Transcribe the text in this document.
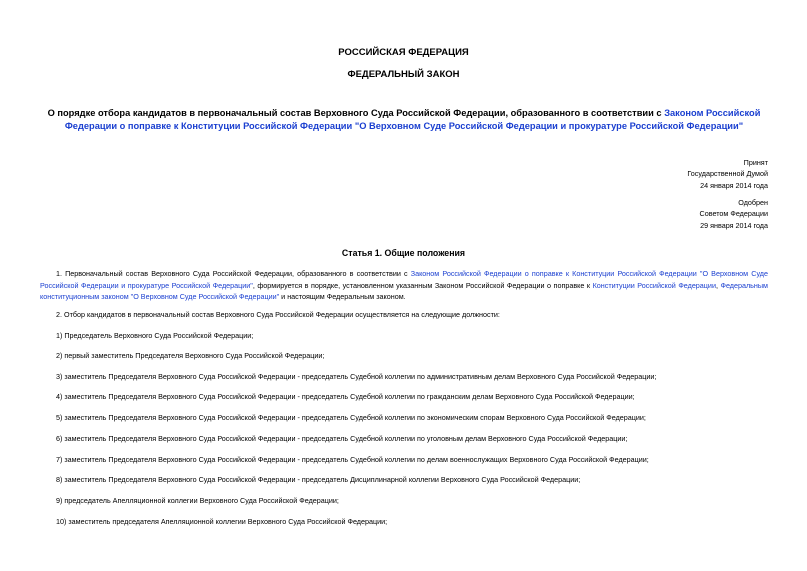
РОССИЙСКАЯ ФЕДЕРАЦИЯ
ФЕДЕРАЛЬНЫЙ ЗАКОН
О порядке отбора кандидатов в первоначальный состав Верховного Суда Российской Федерации, образованного в соответствии с Законом Российской Федерации о поправке к Конституции Российской Федерации "О Верховном Суде Российской Федерации и прокуратуре Российской Федерации"
Принят
Государственной Думой
24 января 2014 года
Одобрен
Советом Федерации
29 января 2014 года
Статья 1. Общие положения
1. Первоначальный состав Верховного Суда Российской Федерации, образованного в соответствии с Законом Российской Федерации о поправке к Конституции Российской Федерации "О Верховном Суде Российской Федерации и прокуратуре Российской Федерации", формируется в порядке, установленном указанным Законом Российской Федерации о поправке к Конституции Российской Федерации, Федеральным конституционным законом "О Верховном Суде Российской Федерации" и настоящим Федеральным законом.
2. Отбор кандидатов в первоначальный состав Верховного Суда Российской Федерации осуществляется на следующие должности:
1) Председатель Верховного Суда Российской Федерации;
2) первый заместитель Председателя Верховного Суда Российской Федерации;
3) заместитель Председателя Верховного Суда Российской Федерации - председатель Судебной коллегии по административным делам Верховного Суда Российской Федерации;
4) заместитель Председателя Верховного Суда Российской Федерации - председатель Судебной коллегии по гражданским делам Верховного Суда Российской Федерации;
5) заместитель Председателя Верховного Суда Российской Федерации - председатель Судебной коллегии по экономическим спорам Верховного Суда Российской Федерации;
6) заместитель Председателя Верховного Суда Российской Федерации - председатель Судебной коллегии по уголовным делам Верховного Суда Российской Федерации;
7) заместитель Председателя Верховного Суда Российской Федерации - председатель Судебной коллегии по делам военнослужащих Верховного Суда Российской Федерации;
8) заместитель Председателя Верховного Суда Российской Федерации - председатель Дисциплинарной коллегии Верховного Суда Российской Федерации;
9) председатель Апелляционной коллегии Верховного Суда Российской Федерации;
10) заместитель председателя Апелляционной коллегии Верховного Суда Российской Федерации;
